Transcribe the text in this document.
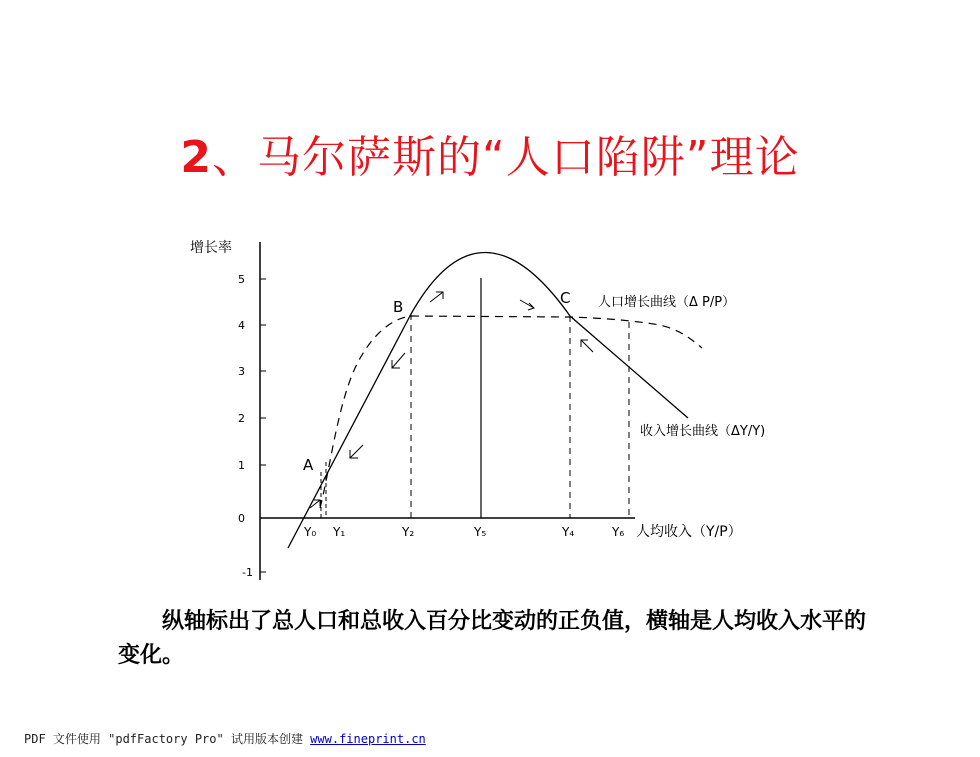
2、马尔萨斯的“人口陷阱”理论
增长率
5
4
3
2
1
0
-1
A
B	C
Y₀ Y₁	Y₂	Y₅	Y₄	Y₆ 人均收入（Y/P）
人口增长曲线（Δ P/P）
收入增长曲线（ΔY/Y)
纵轴标出了总人口和总收入百分比变动的正负值，横轴是人均收入水平的变化。
PDF 文件使用 "pdfFactory Pro" 试用版本创建 www.fineprint.cn
